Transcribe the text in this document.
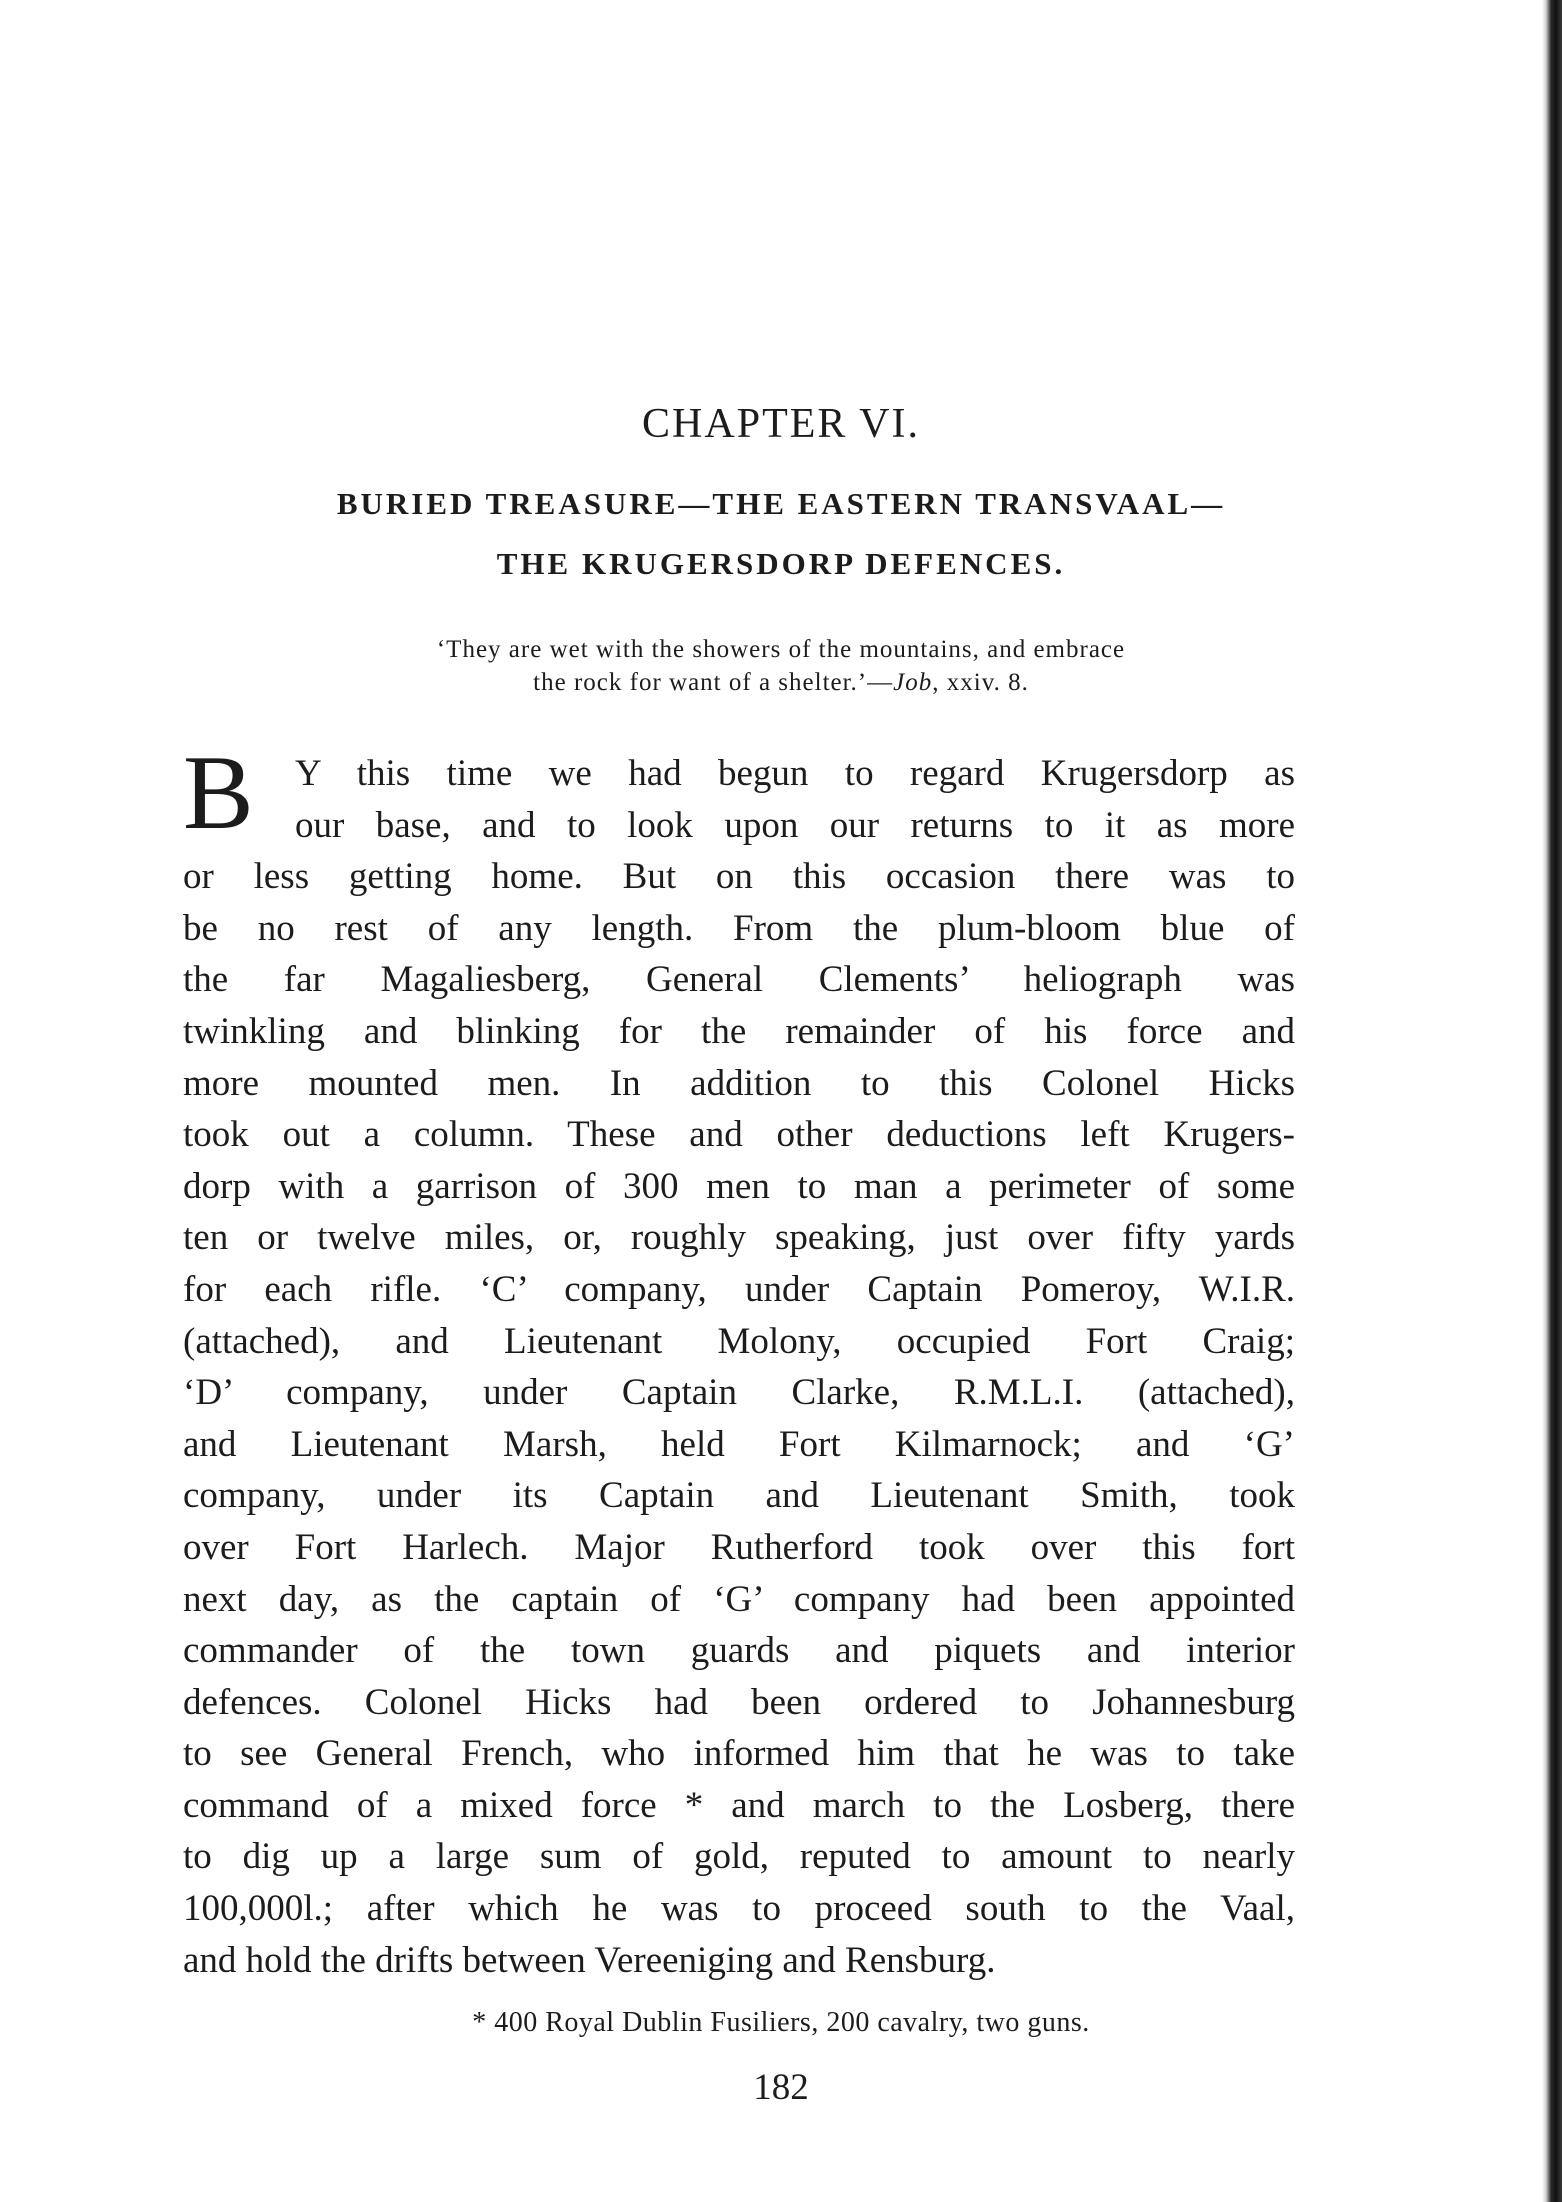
CHAPTER VI.

BURIED TREASURE—THE EASTERN TRANSVAAL—

THE KRUGERSDORP DEFENCES.

‘They are wet with the showers of the mountains, and embrace

the rock for want of a shelter.’—Job, xxiv. 8.

B	Y this time we had begun to regard Krugersdorp as
our base, and to look upon our returns to it as more
or less getting home. But on this occasion there was to
be no rest of any length. From the plum-bloom blue of
the far Magaliesberg, General Clements’ heliograph was
twinkling and blinking for the remainder of his force and
more mounted men. In addition to this Colonel Hicks
took out a column. These and other deductions left Krugers-
dorp with a garrison of 300 men to man a perimeter of some
ten or twelve miles, or, roughly speaking, just over fifty yards
for each rifle. ‘C’ company, under Captain Pomeroy, W.I.R.
(attached), and Lieutenant Molony, occupied Fort Craig;
‘D’ company, under Captain Clarke, R.M.L.I. (attached),
and Lieutenant Marsh, held Fort Kilmarnock; and ‘G’
company, under its Captain and Lieutenant Smith, took
over Fort Harlech. Major Rutherford took over this fort
next day, as the captain of ‘G’ company had been appointed
commander of the town guards and piquets and interior
defences. Colonel Hicks had been ordered to Johannesburg
to see General French, who informed him that he was to take
command of a mixed force * and march to the Losberg, there
to dig up a large sum of gold, reputed to amount to nearly
100,000l.; after which he was to proceed south to the Vaal,
and hold the drifts between Vereeniging and Rensburg.

* 400 Royal Dublin Fusiliers, 200 cavalry, two guns.

182
